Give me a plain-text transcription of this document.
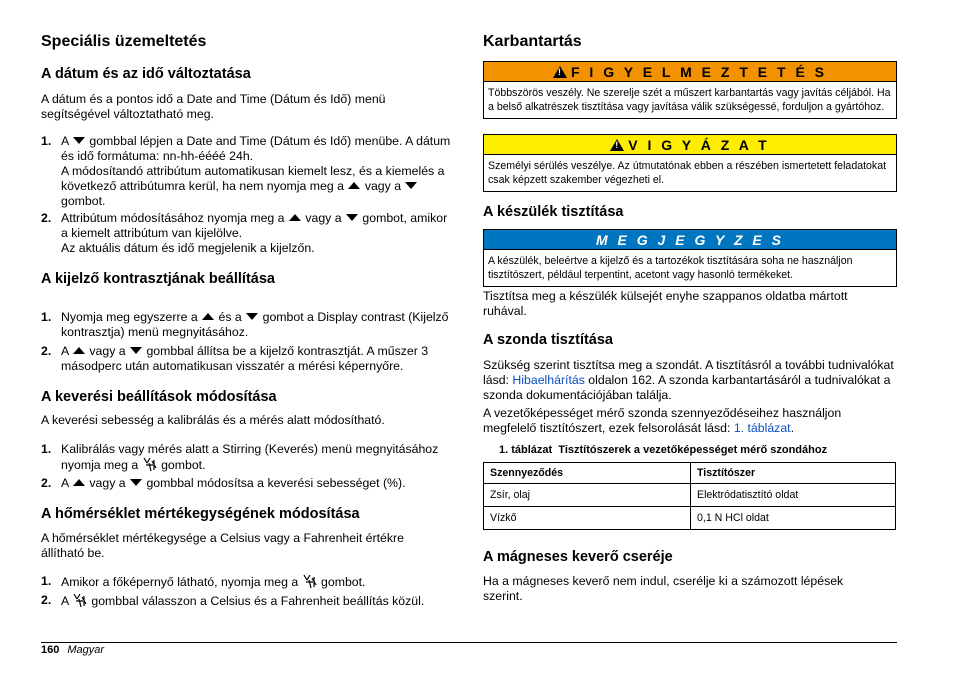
Speciális üzemeltetés
A dátum és az idő változtatása

A dátum és a pontos idő a Date and Time (Dátum és Idő) menü segítségével változtatható meg.

1. A gombbal lépjen a Date and Time (Dátum és Idő) menübe. A dátum és idő formátuma: nn-hh-éééé 24h.
A módosítandó attribútum automatikusan kiemelt lesz, és a kiemelés a következő attribútumra kerül, ha nem nyomja meg a vagy a  gombot.
2. Attribútum módosításához nyomja meg a vagy a gombot, amikor a kiemelt attribútum van kijelölve.
Az aktuális dátum és idő megjelenik a kijelzőn.
A kijelző kontrasztjának beállítása
1. Nyomja meg egyszerre a és a gombot a Display contrast (Kijelző kontrasztja) menü megnyitásához.
2. A vagy a gombbal állítsa be a kijelző kontrasztját. A műszer 3 másodperc után automatikusan visszatér a mérési képernyőre.
A keverési beállítások módosítása

A keverési sebesség a kalibrálás és a mérés alatt módosítható.

1. Kalibrálás vagy mérés alatt a Stirring (Keverés) menü megnyitásához nyomja meg a gombot.
2. A vagy a gombbal módosítsa a keverési sebességet (%).
A hőmérséklet mértékegységének módosítása

A hőmérséklet mértékegysége a Celsius vagy a Fahrenheit értékre állítható be.

1. Amikor a főképernyő látható, nyomja meg a gombot.
2. A gombbal válasszon a Celsius és a Fahrenheit beállítás közül.
Karbantartás
!
F I G Y E L M E Z T E T É S
Többszörös veszély. Ne szerelje szét a műszert karbantartás vagy javítás céljából. Ha a belső alkatrészek tisztítása vagy javítása válik szükségessé, forduljon a gyártóhoz.
!
V I G Y Á Z A T
Személyi sérülés veszélye. Az útmutatónak ebben a részében ismertetett feladatokat csak képzett szakember végezheti el.
A készülék tisztítása
M E G J E G Y Z E S
A készülék, beleértve a kijelző és a tartozékok tisztítására soha ne használjon tisztítószert, például terpentint, acetont vagy hasonló termékeket.

Tisztítsa meg a készülék külsejét enyhe szappanos oldatba mártott ruhával.

A szonda tisztítása

Szükség szerint tisztítsa meg a szondát. A tisztításról a további tudnivalókat lásd: Hibaelhárítás oldalon 162. A szonda karbantartásáról a tudnivalókat a szonda dokumentációjában találja.

A vezetőképességet mérő szonda szennyeződéseihez használjon megfelelő tisztítószert, ezek felsorolását lásd: 1. táblázat.

1. táblázat  Tisztítószerek a vezetőképességet mérő szondához
Szennyeződés	Tisztítószer
Zsír, olaj	Elektródatisztító oldat
Vízkő	0,1 N HCl oldat
A mágneses keverő cseréje

Ha a mágneses keverő nem indul, cserélje ki a számozott lépések szerint.

160 Magyar
